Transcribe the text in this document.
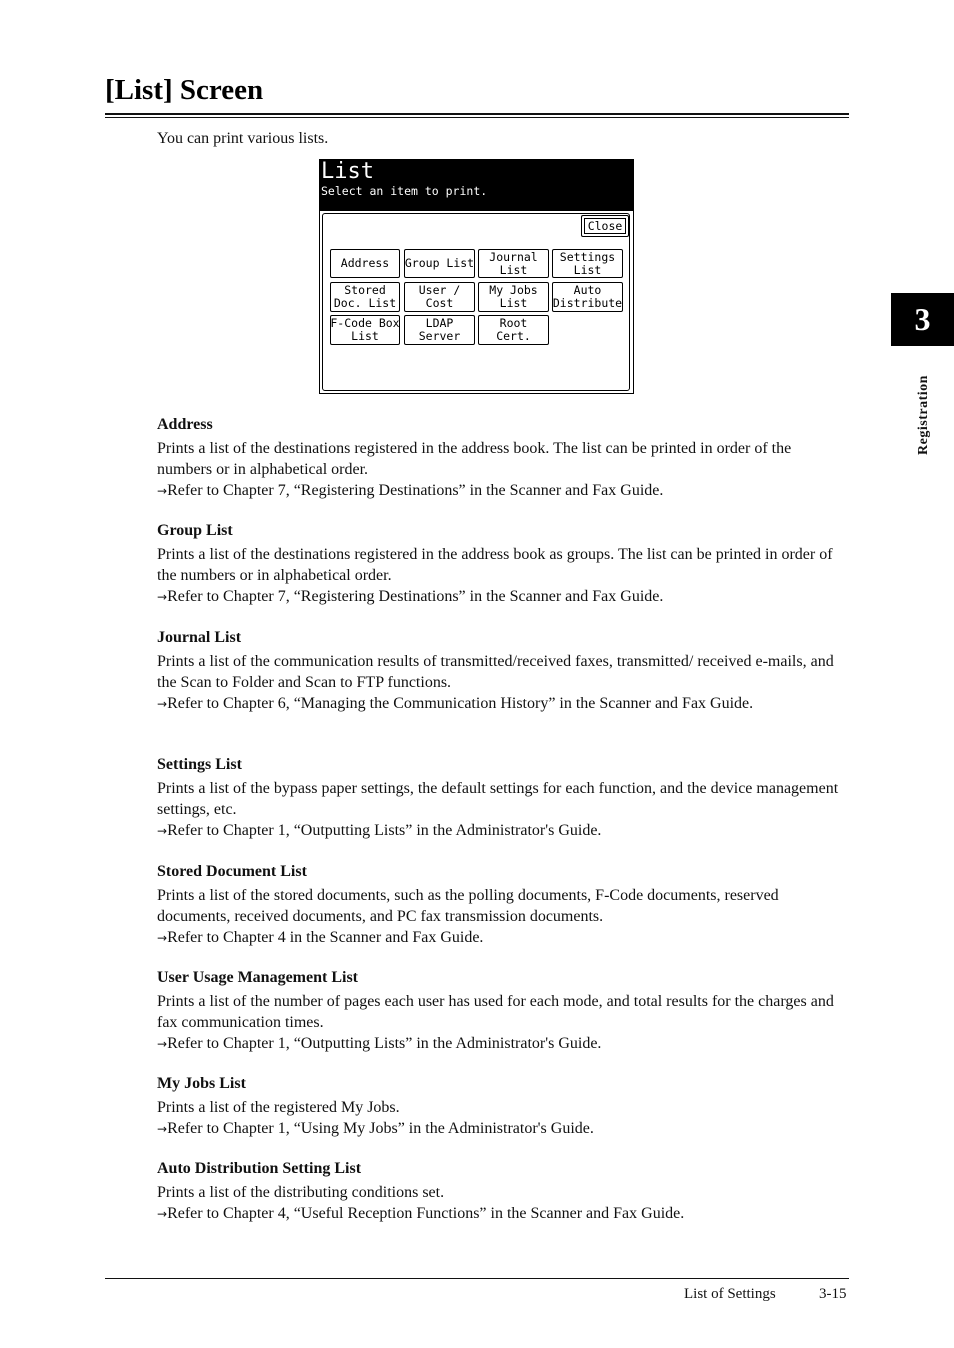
[List] Screen
You can print various lists.
List
Select an item to print.
Close
Address Group List Journal
List
Settings
List
Stored
Doc. List
User /
Cost
My Jobs
List
Auto
Distribute
F-Code Box
List
LDAP
Server
Root
Cert.
Address
Prints a list of the destinations registered in the address book. The list can be printed in order of the numbers or in alphabetical order.
→Refer to Chapter 7, “Registering Destinations” in the Scanner and Fax Guide.
Group List
Prints a list of the destinations registered in the address book as groups. The list can be printed in order of the numbers or in alphabetical order.
→Refer to Chapter 7, “Registering Destinations” in the Scanner and Fax Guide.
Journal List
Prints a list of the communication results of transmitted/received faxes, transmitted/ received e-mails, and the Scan to Folder and Scan to FTP functions.
→Refer to Chapter 6, “Managing the Communication History” in the Scanner and Fax Guide.
Settings List
Prints a list of the bypass paper settings, the default settings for each function, and the device management settings, etc.
→Refer to Chapter 1, “Outputting Lists” in the Administrator's Guide.
Stored Document List
Prints a list of the stored documents, such as the polling documents, F-Code documents, reserved documents, received documents, and PC fax transmission documents.
→Refer to Chapter 4 in the Scanner and Fax Guide.
User Usage Management List
Prints a list of the number of pages each user has used for each mode, and total results for the charges and fax communication times.
→Refer to Chapter 1, “Outputting Lists” in the Administrator's Guide.
My Jobs List
Prints a list of the registered My Jobs.
→Refer to Chapter 1, “Using My Jobs” in the Administrator's Guide.
Auto Distribution Setting List
Prints a list of the distributing conditions set.
→Refer to Chapter 4, “Useful Reception Functions” in the Scanner and Fax Guide.
3
Registration
List of Settings	3-15
